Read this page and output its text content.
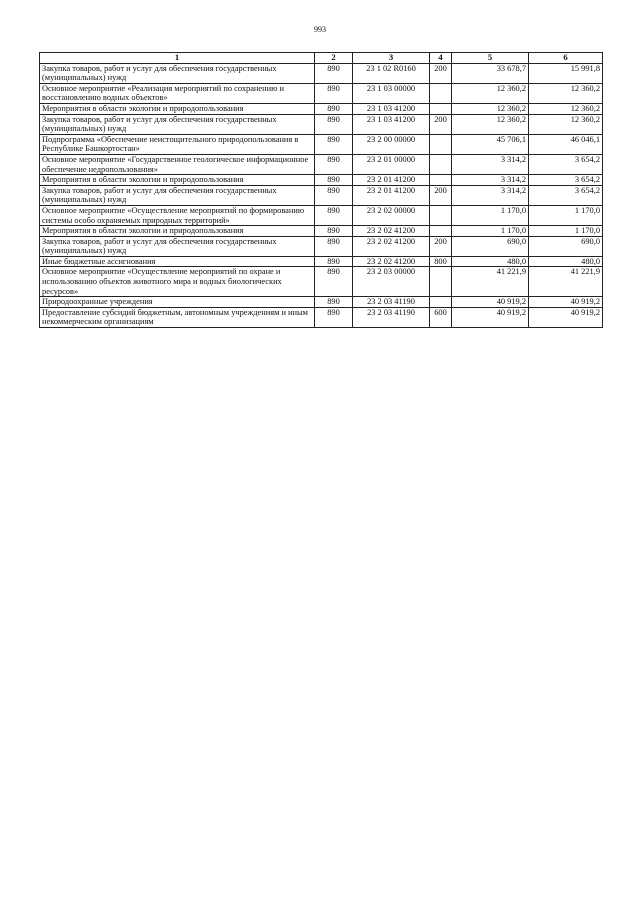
993
1	2	3	4	5	6
Закупка товаров, работ и услуг для обеспечения государственных (муниципальных) нужд	890	23 1 02 R0160	200	33 678,7	15 991,8
Основное мероприятие «Реализация мероприятий по сохранению и восстановлению водных объектов»	890	23 1 03 00000		12 360,2	12 360,2
Мероприятия в области экологии и природопользования	890	23 1 03 41200		12 360,2	12 360,2
Закупка товаров, работ и услуг для обеспечения государственных (муниципальных) нужд	890	23 1 03 41200	200	12 360,2	12 360,2
Подпрограмма «Обеспечение неистощительного природопользования в Республике Башкортостан»	890	23 2 00 00000		45 706,1	46 046,1
Основное мероприятие «Государственное геологическое информационное обеспечение недропользования»	890	23 2 01 00000		3 314,2	3 654,2
Мероприятия в области экологии и природопользования	890	23 2 01 41200		3 314,2	3 654,2
Закупка товаров, работ и услуг для обеспечения государственных (муниципальных) нужд	890	23 2 01 41200	200	3 314,2	3 654,2
Основное мероприятие «Осуществление мероприятий по формированию системы особо охраняемых природных территорий»	890	23 2 02 00000		1 170,0	1 170,0
Мероприятия в области экологии и природопользования	890	23 2 02 41200		1 170,0	1 170,0
Закупка товаров, работ и услуг для обеспечения государственных (муниципальных) нужд	890	23 2 02 41200	200	690,0	690,0
Иные бюджетные ассигнования	890	23 2 02 41200	800	480,0	480,0
Основное мероприятие «Осуществление мероприятий по охране и использованию объектов животного мира и водных биологических ресурсов»	890	23 2 03 00000		41 221,9	41 221,9
Природоохранные учреждения	890	23 2 03 41190		40 919,2	40 919,2
Предоставление субсидий бюджетным, автономным учреждениям и иным некоммерческим организациям	890	23 2 03 41190	600	40 919,2	40 919,2
